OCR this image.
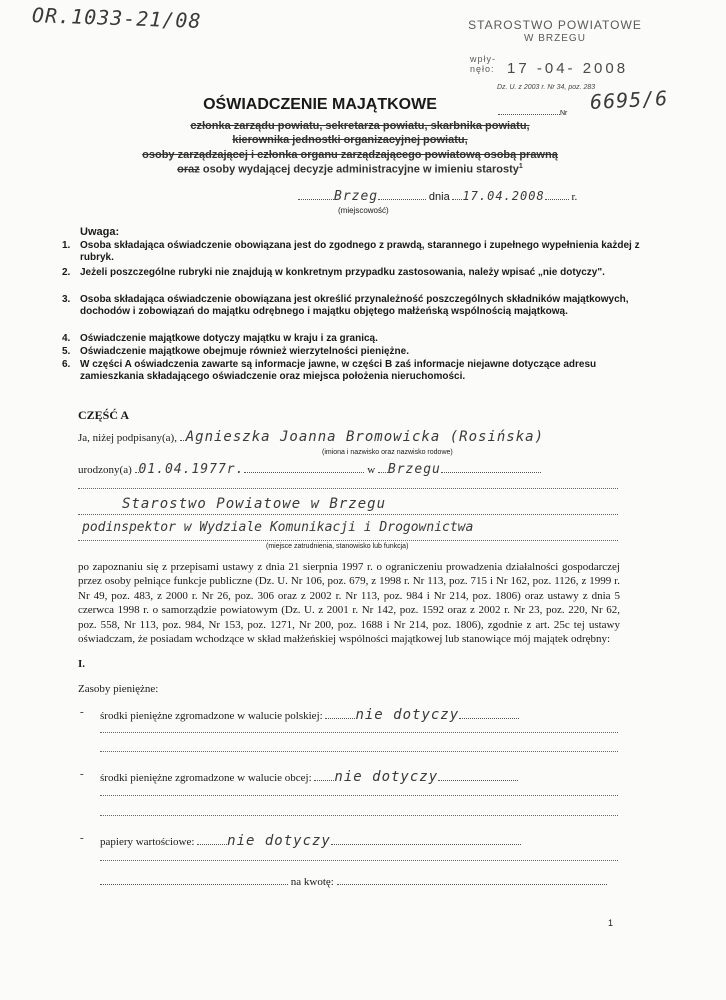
OR.1033-21/08	STAROSTWO POWIATOWE
W BRZEGU
wpły-
nęło: 17 -04- 2008
Dz. U. z 2003 r. Nr 34, poz. 283
Nr	6695/6
OŚWIADCZENIE MAJĄTKOWE
członka zarządu powiatu, sekretarza powiatu, skarbnika powiatu,
kierownika jednostki organizacyjnej powiatu,
osoby zarządzającej i członka organu zarządzającego powiatową osobą prawną
oraz osoby wydającej decyzje administracyjne w imieniu starosty$^1$
Brzeg	dnia 17.04.2008 r.
(miejscowość)
Uwaga:
1. Osoba składająca oświadczenie obowiązana jest do zgodnego z prawdą, starannego i zupełnego wypełnienia każdej z rubryk.
2. Jeżeli poszczególne rubryki nie znajdują w konkretnym przypadku zastosowania, należy wpisać „nie dotyczy".
3. Osoba składająca oświadczenie obowiązana jest określić przynależność poszczególnych składników majątkowych, dochodów i zobowiązań do majątku odrębnego i majątku objętego małżeńską wspólnością majątkową.
4. Oświadczenie majątkowe dotyczy majątku w kraju i za granicą.
5. Oświadczenie majątkowe obejmuje również wierzytelności pieniężne.
6. W części A oświadczenia zawarte są informacje jawne, w części B zaś informacje niejawne dotyczące adresu zamieszkania składającego oświadczenie oraz miejsca położenia nieruchomości.
CZĘŚĆ A
Ja, niżej podpisany(a), Agnieszka Joanna Bromowicka (Rosińska)
(imiona i nazwisko oraz nazwisko rodowe)
urodzony(a) 01.04.1977r.	w Brzegu
Starostwo Powiatowe w Brzegu
podinspektor w Wydziale Komunikacji i Drogownictwa
(miejsce zatrudnienia, stanowisko lub funkcja)
po zapoznaniu się z przepisami ustawy z dnia 21 sierpnia 1997 r. o ograniczeniu prowadzenia działalności gospodarczej przez osoby pełniące funkcje publiczne (Dz. U. Nr 106, poz. 679, z 1998 r. Nr 113, poz. 715 i Nr 162, poz. 1126, z 1999 r. Nr 49, poz. 483, z 2000 r. Nr 26, poz. 306 oraz z 2002 r. Nr 113, poz. 984 i Nr 214, poz. 1806) oraz ustawy z dnia 5 czerwca 1998 r. o samorządzie powiatowym (Dz. U. z 2001 r. Nr 142, poz. 1592 oraz z 2002 r. Nr 23, poz. 220, Nr 62, poz. 558, Nr 113, poz. 984, Nr 153, poz. 1271, Nr 200, poz. 1688 i Nr 214, poz. 1806), zgodnie z art. 25c tej ustawy oświadczam, że posiadam wchodzące w skład małżeńskiej wspólności majątkowej lub stanowiące mój majątek odrębny:
I.
Zasoby pieniężne:
- środki pieniężne zgromadzone w walucie polskiej: nie dotyczy
- środki pieniężne zgromadzone w walucie obcej: nie dotyczy
- papiery wartościowe: nie dotyczy
na kwotę:
1
